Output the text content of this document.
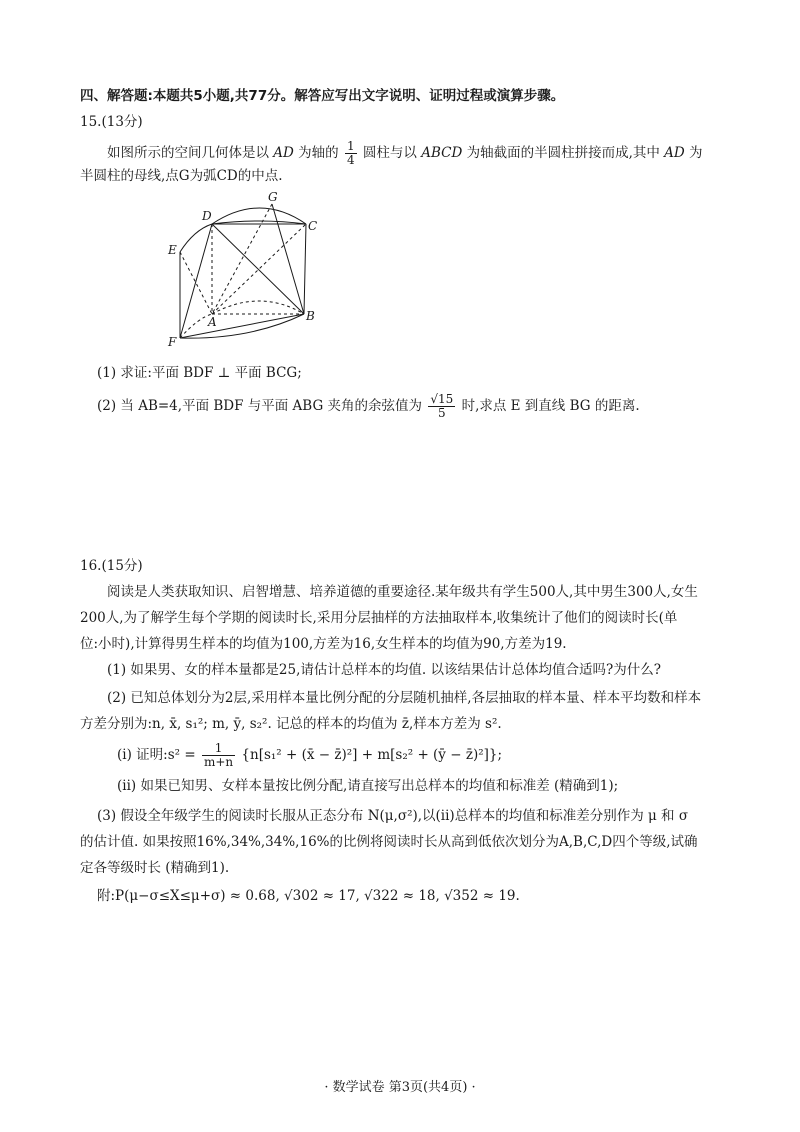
四、解答题:本题共5小题,共77分。解答应写出文字说明、证明过程或演算步骤。
15.(13分)
如图所示的空间几何体是以 AD 为轴的 $\frac{1}{4}$ 圆柱与以 ABCD 为轴截面的半圆柱拼接而成,其中 AD 为
半圆柱的母线,点G为弧CD的中点.
D
G
C
E
A	B
F
(1) 求证:平面 BDF ⊥ 平面 BCG;
(2) 当 AB=4,平面 BDF 与平面 ABG 夹角的余弦值为 $\frac{√15}{5}$ 时,求点 E 到直线 BG 的距离.
16.(15分)
阅读是人类获取知识、启智增慧、培养道德的重要途径.某年级共有学生500人,其中男生300人,女生
200人,为了解学生每个学期的阅读时长,采用分层抽样的方法抽取样本,收集统计了他们的阅读时长(单
位:小时),计算得男生样本的均值为100,方差为16,女生样本的均值为90,方差为19.
(1) 如果男、女的样本量都是25,请估计总样本的均值. 以该结果估计总体均值合适吗?为什么?
(2) 已知总体划分为2层,采用样本量比例分配的分层随机抽样,各层抽取的样本量、样本平均数和样本
方差分别为:n, x̄, s₁²; m, ȳ, s₂². 记总的样本的均值为 z̄,样本方差为 s².
(i) 证明:s² = $\frac{1}{m+n} \{n[s_1^2$ + (x̄ − z̄)²] + m[s₂² + (ȳ − z̄)²]};
(ii) 如果已知男、女样本量按比例分配,请直接写出总样本的均值和标准差 (精确到1);
(3) 假设全年级学生的阅读时长服从正态分布 N(μ,σ²),以(ii)总样本的均值和标准差分别作为 μ 和 σ
的估计值. 如果按照16%,34%,34%,16%的比例将阅读时长从高到低依次划分为A,B,C,D四个等级,试确
定各等级时长 (精确到1).
附:P(μ−σ≤X≤μ+σ) ≈ 0.68, √302 ≈ 17, √322 ≈ 18, √352 ≈ 19.
· 数学试卷 第3页(共4页) ·
